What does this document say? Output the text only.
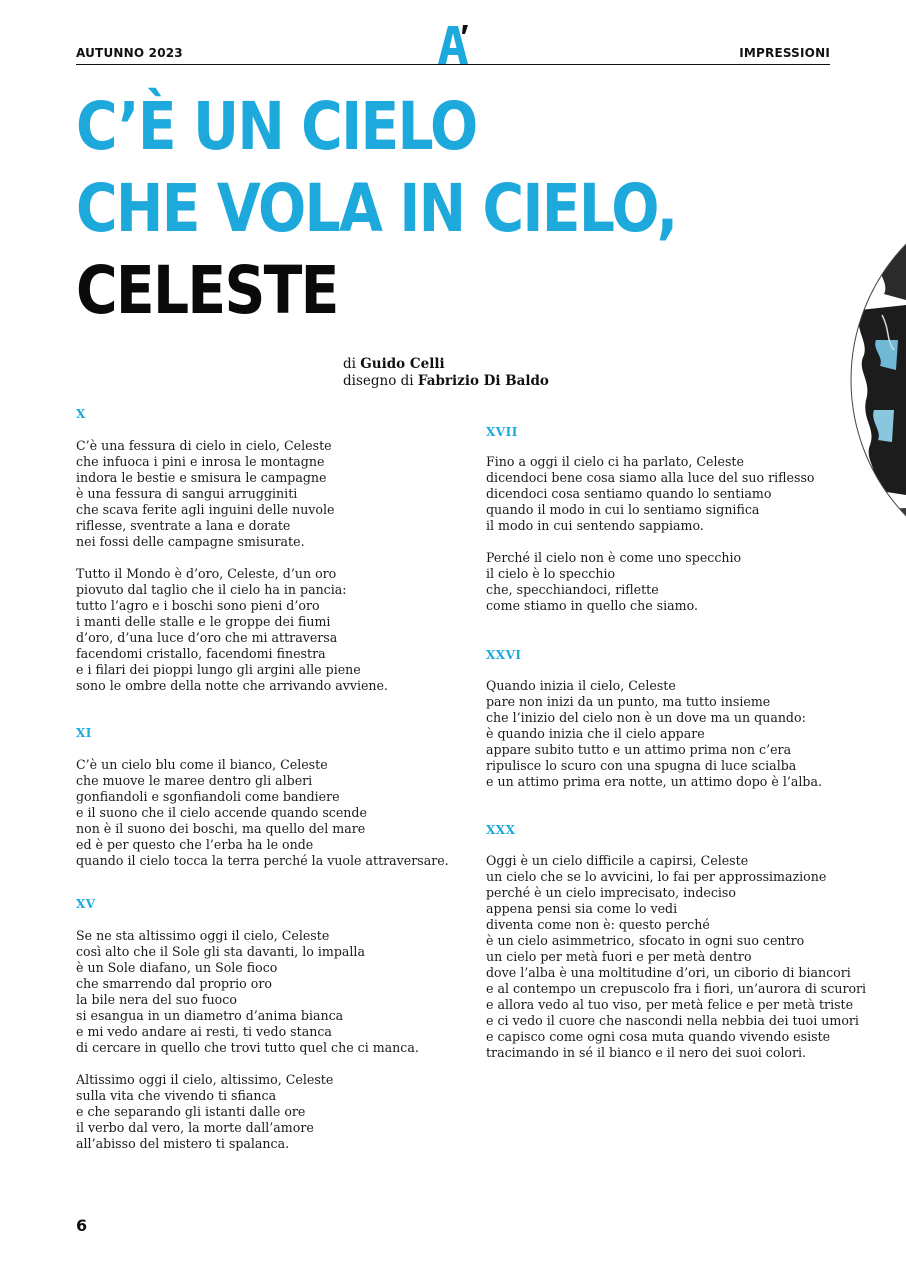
AUTUNNO 2023	IMPRESSIONI
C’È UN CIELO
CHE VOLA IN CIELO,
CELESTE
di Guido Celli
disegno di Fabrizio Di Baldo
X

C’è una fessura di cielo in cielo, Celeste
che infuoca i pini e inrosa le montagne
indora le bestie e smisura le campagne
è una fessura di sangui arrugginiti
che scava ferite agli inguini delle nuvole
riflesse, sventrate a lana e dorate
nei fossi delle campagne smisurate.

Tutto il Mondo è d’oro, Celeste, d’un oro
piovuto dal taglio che il cielo ha in pancia:
tutto l’agro e i boschi sono pieni d’oro
i manti delle stalle e le groppe dei fiumi
d’oro, d’una luce d’oro che mi attraversa
facendomi cristallo, facendomi finestra
e i filari dei pioppi lungo gli argini alle piene
sono le ombre della notte che arrivando avviene.

XI

C’è un cielo blu come il bianco, Celeste
che muove le maree dentro gli alberi
gonfiandoli e sgonfiandoli come bandiere
e il suono che il cielo accende quando scende
non è il suono dei boschi, ma quello del mare
ed è per questo che l’erba ha le onde
quando il cielo tocca la terra perché la vuole attraversare.

XV

Se ne sta altissimo oggi il cielo, Celeste
così alto che il Sole gli sta davanti, lo impalla
è un Sole diafano, un Sole fioco
che smarrendo dal proprio oro
la bile nera del suo fuoco
si esangua in un diametro d’anima bianca
e mi vedo andare ai resti, ti vedo stanca
di cercare in quello che trovi tutto quel che ci manca.

Altissimo oggi il cielo, altissimo, Celeste
sulla vita che vivendo ti sfianca
e che separando gli istanti dalle ore
il verbo dal vero, la morte dall’amore
all’abisso del mistero ti spalanca.

XVII

Fino a oggi il cielo ci ha parlato, Celeste
dicendoci bene cosa siamo alla luce del suo riflesso
dicendoci cosa sentiamo quando lo sentiamo
quando il modo in cui lo sentiamo significa
il modo in cui sentendo sappiamo.

Perché il cielo non è come uno specchio
il cielo è lo specchio
che, specchiandoci, riflette
come stiamo in quello che siamo.

XXVI

Quando inizia il cielo, Celeste
pare non inizi da un punto, ma tutto insieme
che l’inizio del cielo non è un dove ma un quando:
è quando inizia che il cielo appare
appare subito tutto e un attimo prima non c’era
ripulisce lo scuro con una spugna di luce scialba
e un attimo prima era notte, un attimo dopo è l’alba.

XXX

Oggi è un cielo difficile a capirsi, Celeste
un cielo che se lo avvicini, lo fai per approssimazione
perché è un cielo imprecisato, indeciso
appena pensi sia come lo vedi
diventa come non è: questo perché
è un cielo asimmetrico, sfocato in ogni suo centro
un cielo per metà fuori e per metà dentro
dove l’alba è una moltitudine d’ori, un ciborio di biancori
e al contempo un crepuscolo fra i fiori, un’aurora di scurori
e allora vedo al tuo viso, per metà felice e per metà triste
e ci vedo il cuore che nascondi nella nebbia dei tuoi umori
e capisco come ogni cosa muta quando vivendo esiste
tracimando in sé il bianco e il nero dei suoi colori.

6
